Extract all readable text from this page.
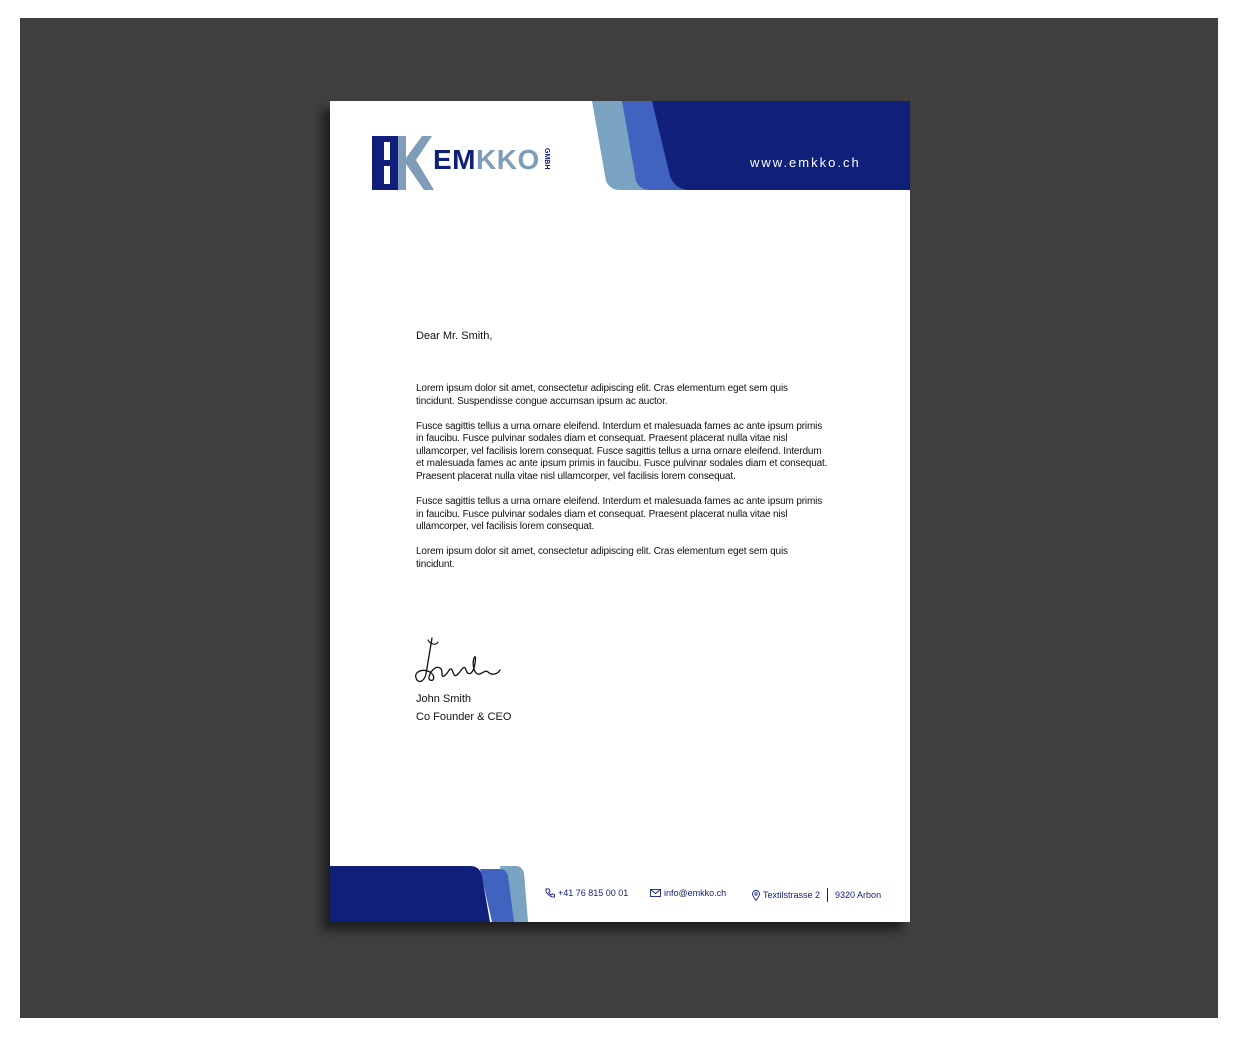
EMKKO GMBH	www.emkko.ch
Dear Mr. Smith,

Lorem ipsum dolor sit amet, consectetur adipiscing elit. Cras elementum eget sem quis tincidunt. Suspendisse congue accumsan ipsum ac auctor.

Fusce sagittis tellus a urna ornare eleifend. Interdum et malesuada fames ac ante ipsum primis in faucibu. Fusce pulvinar sodales diam et consequat. Praesent placerat nulla vitae nisl ullamcorper, vel facilisis lorem consequat. Fusce sagittis tellus a urna ornare eleifend. Interdum et malesuada fames ac ante ipsum primis in faucibu. Fusce pulvinar sodales diam et consequat. Praesent placerat nulla vitae nisl ullamcorper, vel facilisis lorem consequat.

Fusce sagittis tellus a urna ornare eleifend. Interdum et malesuada fames ac ante ipsum primis in faucibu. Fusce pulvinar sodales diam et consequat. Praesent placerat nulla vitae nisl ullamcorper, vel facilisis lorem consequat.

Lorem ipsum dolor sit amet, consectetur adipiscing elit. Cras elementum eget sem quis tincidunt.

John Smith
Co Founder & CEO
+41 76 815 00 01	info@emkko.ch	Textilstrasse 2 9320 Arbon
